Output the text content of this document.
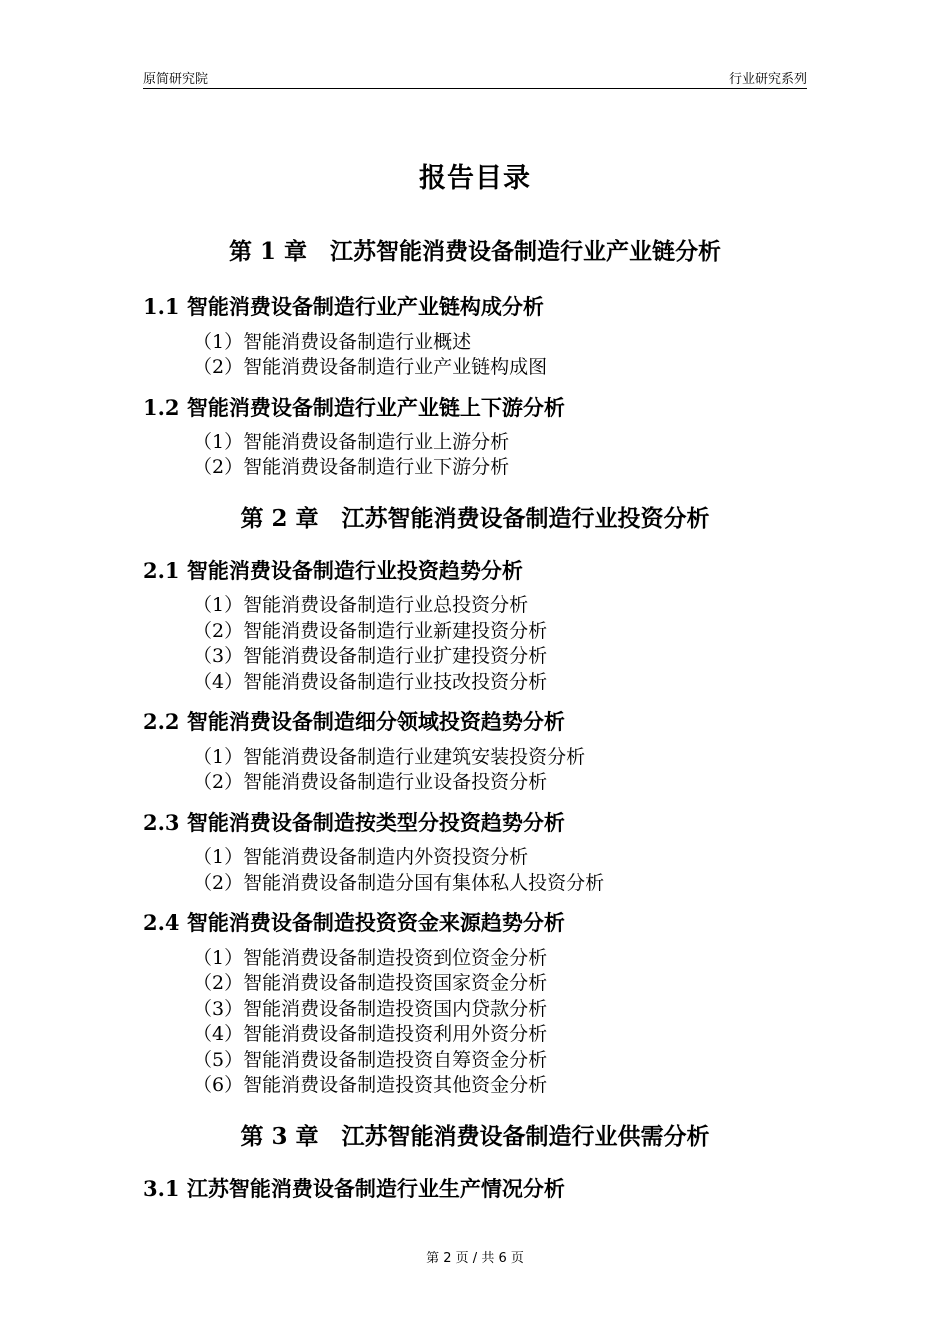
原简研究院	行业研究系列
报告目录
第 1 章　江苏智能消费设备制造行业产业链分析
1.1 智能消费设备制造行业产业链构成分析
（1）智能消费设备制造行业概述
（2）智能消费设备制造行业产业链构成图
1.2 智能消费设备制造行业产业链上下游分析
（1）智能消费设备制造行业上游分析
（2）智能消费设备制造行业下游分析
第 2 章　江苏智能消费设备制造行业投资分析
2.1 智能消费设备制造行业投资趋势分析
（1）智能消费设备制造行业总投资分析
（2）智能消费设备制造行业新建投资分析
（3）智能消费设备制造行业扩建投资分析
（4）智能消费设备制造行业技改投资分析
2.2 智能消费设备制造细分领域投资趋势分析
（1）智能消费设备制造行业建筑安装投资分析
（2）智能消费设备制造行业设备投资分析
2.3 智能消费设备制造按类型分投资趋势分析
（1）智能消费设备制造内外资投资分析
（2）智能消费设备制造分国有集体私人投资分析
2.4 智能消费设备制造投资资金来源趋势分析
（1）智能消费设备制造投资到位资金分析
（2）智能消费设备制造投资国家资金分析
（3）智能消费设备制造投资国内贷款分析
（4）智能消费设备制造投资利用外资分析
（5）智能消费设备制造投资自筹资金分析
（6）智能消费设备制造投资其他资金分析
第 3 章　江苏智能消费设备制造行业供需分析
3.1 江苏智能消费设备制造行业生产情况分析
第 2 页 / 共 6 页
